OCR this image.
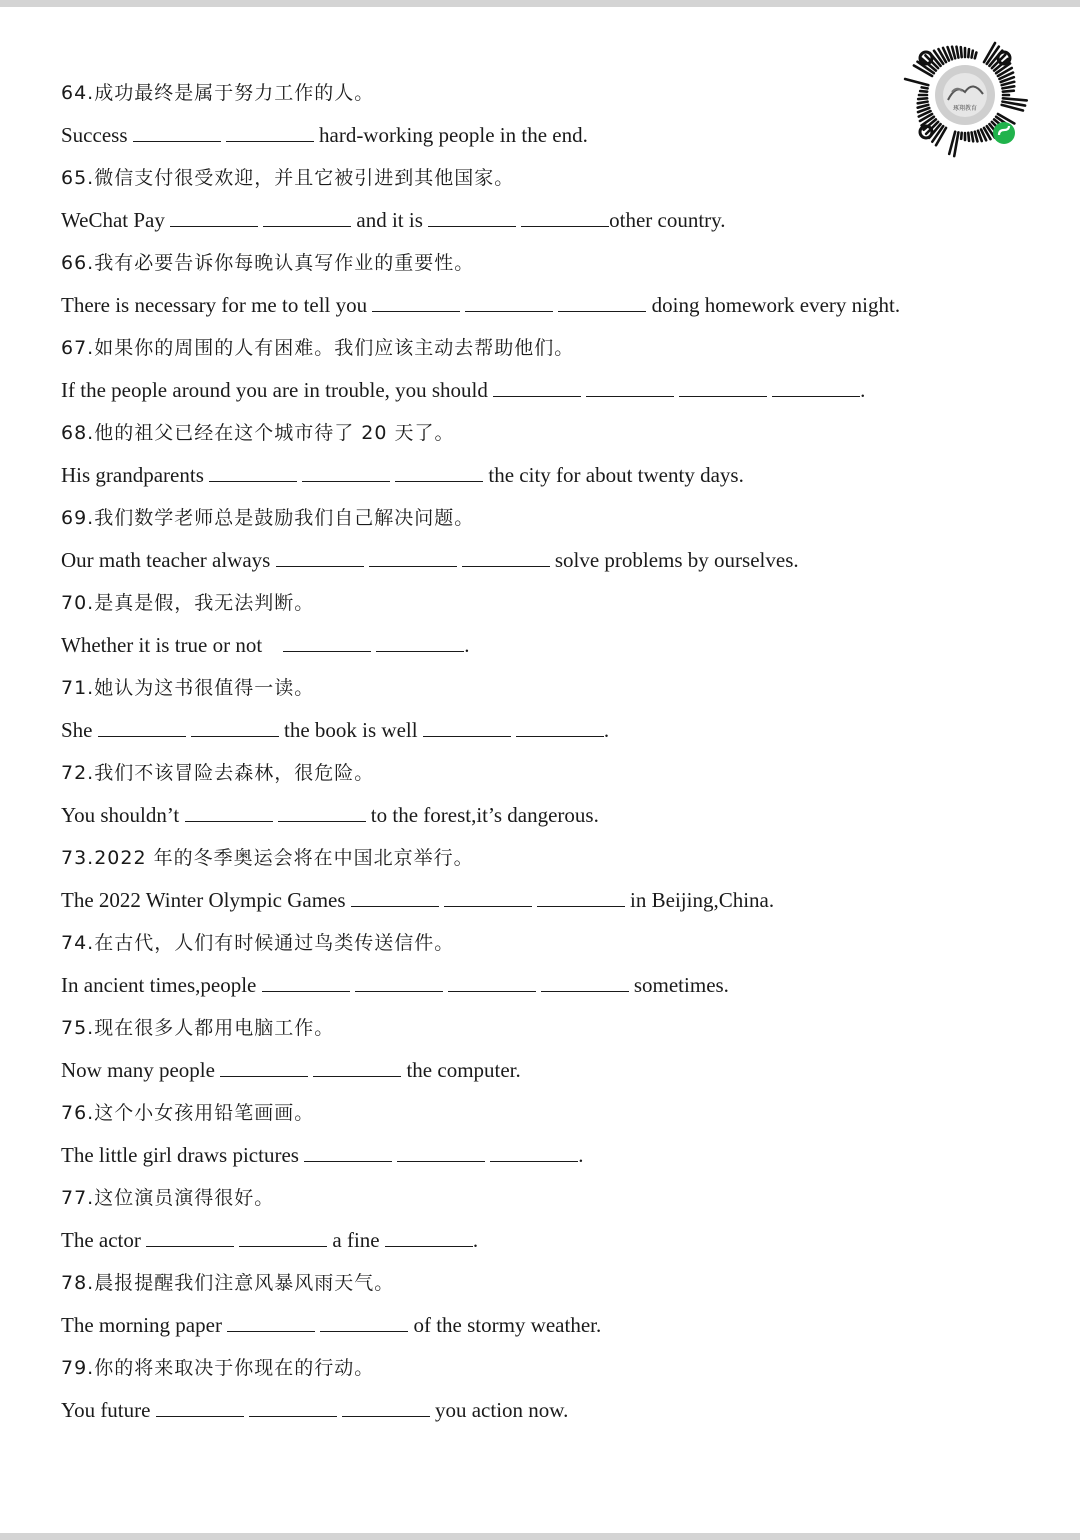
琢翔教育
64.成功最终是属于努力工作的人。
Success	hard-working people in the end.
65.微信支付很受欢迎，并且它被引进到其他国家。
WeChat Pay	and it is	other country.
66.我有必要告诉你每晚认真写作业的重要性。
There is necessary for me to tell you	doing homework every night.
67.如果你的周围的人有困难。我们应该主动去帮助他们。
If the people around you are in trouble, you should	.
68.他的祖父已经在这个城市待了 20 天了。
His grandparents	the city for about twenty days.
69.我们数学老师总是鼓励我们自己解决问题。
Our math teacher always	solve problems by ourselves.
70.是真是假，我无法判断。
Whether it is true or not	.
71.她认为这书很值得一读。
She	the book is well	.
72.我们不该冒险去森林，很危险。
You shouldn’t	to the forest,it’s dangerous.
73.2022 年的冬季奥运会将在中国北京举行。
The 2022 Winter Olympic Games	in Beijing,China.
74.在古代，人们有时候通过鸟类传送信件。
In ancient times,people	sometimes.
75.现在很多人都用电脑工作。
Now many people	the computer.
76.这个小女孩用铅笔画画。
The little girl draws pictures	.
77.这位演员演得很好。
The actor	a fine	.
78.晨报提醒我们注意风暴风雨天气。
The morning paper	of the stormy weather.
79.你的将来取决于你现在的行动。
You future	you action now.
